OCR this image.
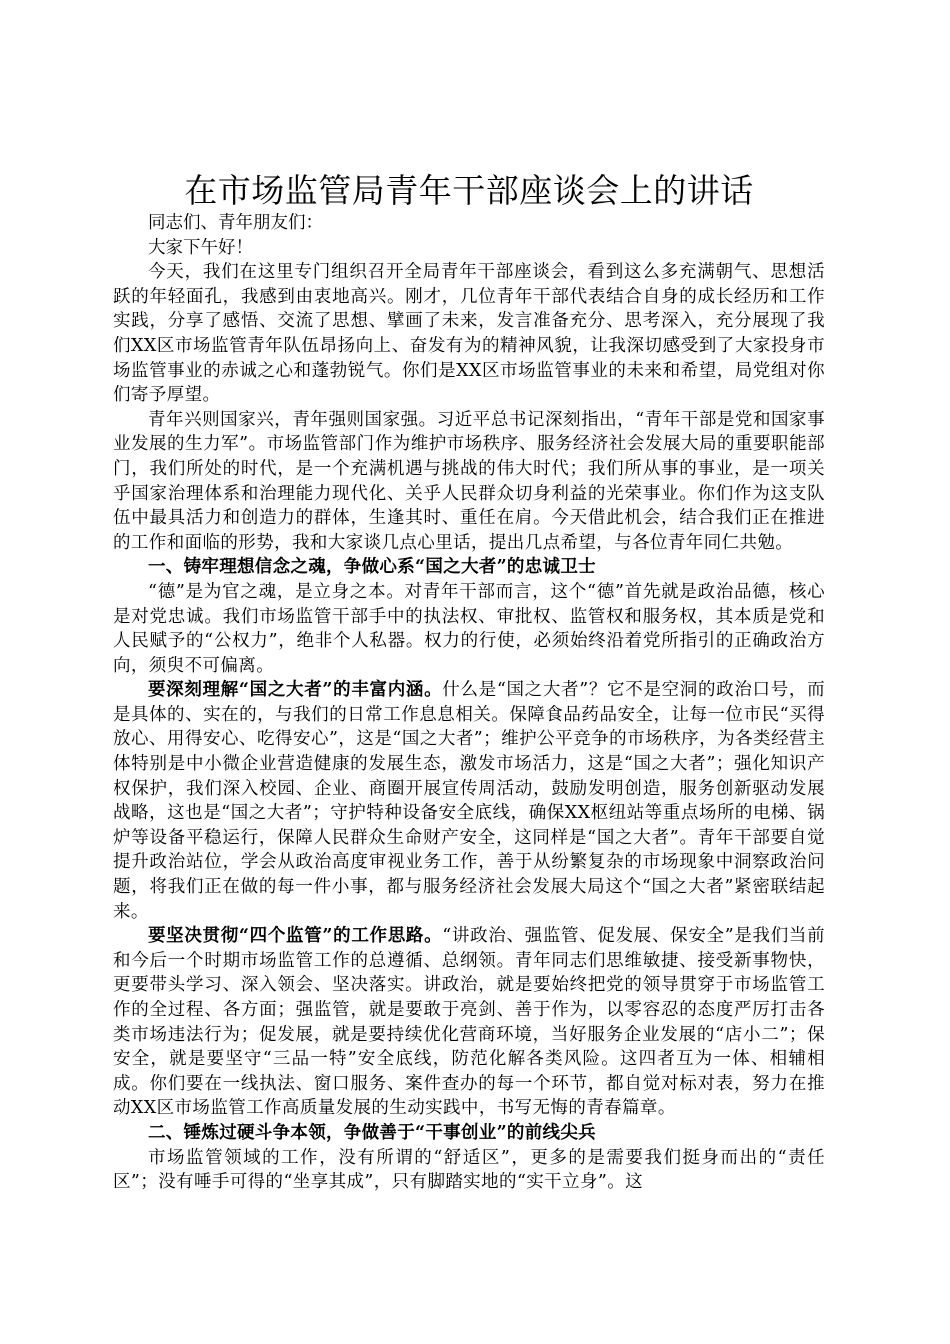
在市场监管局青年干部座谈会上的讲话

同志们、青年朋友们：

大家下午好！

今天，我们在这里专门组织召开全局青年干部座谈会，看到这么多充满朝气、思想活跃的年轻面孔，我感到由衷地高兴。刚才，几位青年干部代表结合自身的成长经历和工作实践，分享了感悟、交流了思想、擘画了未来，发言准备充分、思考深入，充分展现了我们XX区市场监管青年队伍昂扬向上、奋发有为的精神风貌，让我深切感受到了大家投身市场监管事业的赤诚之心和蓬勃锐气。你们是XX区市场监管事业的未来和希望，局党组对你们寄予厚望。

青年兴则国家兴，青年强则国家强。习近平总书记深刻指出，“青年干部是党和国家事业发展的生力军”。市场监管部门作为维护市场秩序、服务经济社会发展大局的重要职能部门，我们所处的时代，是一个充满机遇与挑战的伟大时代；我们所从事的事业，是一项关乎国家治理体系和治理能力现代化、关乎人民群众切身利益的光荣事业。你们作为这支队伍中最具活力和创造力的群体，生逢其时、重任在肩。今天借此机会，结合我们正在推进的工作和面临的形势，我和大家谈几点心里话，提出几点希望，与各位青年同仁共勉。

一、铸牢理想信念之魂，争做心系“国之大者”的忠诚卫士

“德”是为官之魂，是立身之本。对青年干部而言，这个“德”首先就是政治品德，核心是对党忠诚。我们市场监管干部手中的执法权、审批权、监管权和服务权，其本质是党和人民赋予的“公权力”，绝非个人私器。权力的行使，必须始终沿着党所指引的正确政治方向，须臾不可偏离。

要深刻理解“国之大者”的丰富内涵。什么是“国之大者”？它不是空洞的政治口号，而是具体的、实在的，与我们的日常工作息息相关。保障食品药品安全，让每一位市民“买得放心、用得安心、吃得安心”，这是“国之大者”；维护公平竞争的市场秩序，为各类经营主体特别是中小微企业营造健康的发展生态，激发市场活力，这是“国之大者”；强化知识产权保护，我们深入校园、企业、商圈开展宣传周活动，鼓励发明创造，服务创新驱动发展战略，这也是“国之大者”；守护特种设备安全底线，确保XX枢纽站等重点场所的电梯、锅炉等设备平稳运行，保障人民群众生命财产安全，这同样是“国之大者”。青年干部要自觉提升政治站位，学会从政治高度审视业务工作，善于从纷繁复杂的市场现象中洞察政治问题，将我们正在做的每一件小事，都与服务经济社会发展大局这个“国之大者”紧密联结起来。

要坚决贯彻“四个监管”的工作思路。“讲政治、强监管、促发展、保安全”是我们当前和今后一个时期市场监管工作的总遵循、总纲领。青年同志们思维敏捷、接受新事物快，更要带头学习、深入领会、坚决落实。讲政治，就是要始终把党的领导贯穿于市场监管工作的全过程、各方面；强监管，就是要敢于亮剑、善于作为，以零容忍的态度严厉打击各类市场违法行为；促发展，就是要持续优化营商环境，当好服务企业发展的“店小二”；保安全，就是要坚守“三品一特”安全底线，防范化解各类风险。这四者互为一体、相辅相成。你们要在一线执法、窗口服务、案件查办的每一个环节，都自觉对标对表，努力在推动XX区市场监管工作高质量发展的生动实践中，书写无悔的青春篇章。

二、锤炼过硬斗争本领，争做善于“干事创业”的前线尖兵

市场监管领域的工作，没有所谓的“舒适区”，更多的是需要我们挺身而出的“责任区”；没有唾手可得的“坐享其成”，只有脚踏实地的“实干立身”。这
